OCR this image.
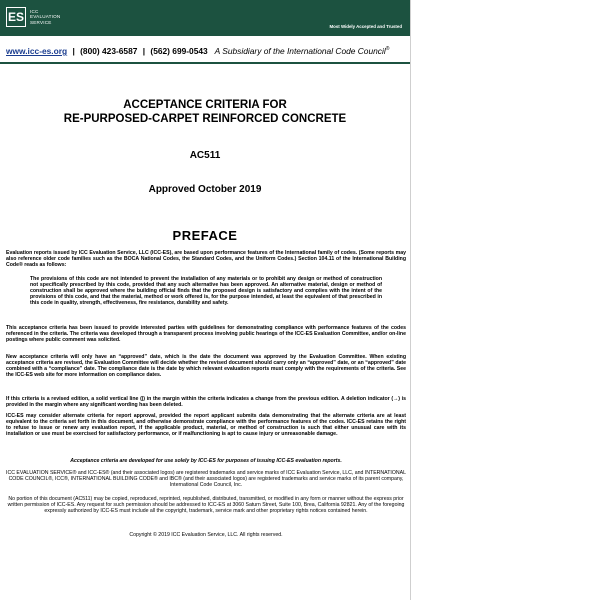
ES	ICC
EVALUATION
SERVICE
Most Widely Accepted and Trusted
www.icc-es.org | (800) 423-6587 | (562) 699-0543 A Subsidiary of the International Code Council®
ACCEPTANCE CRITERIA FOR
RE-PURPOSED-CARPET REINFORCED CONCRETE
AC511
Approved October 2019
PREFACE
Evaluation reports issued by ICC Evaluation Service, LLC (ICC-ES), are based upon performance features of the International family of codes. (Some reports may also reference older code families such as the BOCA National Codes, the Standard Codes, and the Uniform Codes.) Section 104.11 of the International Building Code® reads as follows:
The provisions of this code are not intended to prevent the installation of any materials or to prohibit any design or method of construction not specifically prescribed by this code, provided that any such alternative has been approved. An alternative material, design or method of construction shall be approved where the building official finds that the proposed design is satisfactory and complies with the intent of the provisions of this code, and that the material, method or work offered is, for the purpose intended, at least the equivalent of that prescribed in this code in quality, strength, effectiveness, fire resistance, durability and safety.
This acceptance criteria has been issued to provide interested parties with guidelines for demonstrating compliance with performance features of the codes referenced in the criteria. The criteria was developed through a transparent process involving public hearings of the ICC-ES Evaluation Committee, and/or on-line postings where public comment was solicited.
New acceptance criteria will only have an “approved” date, which is the date the document was approved by the Evaluation Committee. When existing acceptance criteria are revised, the Evaluation Committee will decide whether the revised document should carry only an “approved” date, or an “approved” date combined with a “compliance” date. The compliance date is the date by which relevant evaluation reports must comply with the requirements of the criteria. See the ICC-ES web site for more information on compliance dates.
If this criteria is a revised edition, a solid vertical line (|) in the margin within the criteria indicates a change from the previous edition. A deletion indicator (→) is provided in the margin where any significant wording has been deleted.
ICC-ES may consider alternate criteria for report approval, provided the report applicant submits data demonstrating that the alternate criteria are at least equivalent to the criteria set forth in this document, and otherwise demonstrate compliance with the performance features of the codes. ICC-ES retains the right to refuse to issue or renew any evaluation report, if the applicable product, material, or method of construction is such that either unusual care with its installation or use must be exercised for satisfactory performance, or if malfunctioning is apt to cause injury or unreasonable damage.
Acceptance criteria are developed for use solely by ICC-ES for purposes of issuing ICC-ES evaluation reports.
ICC EVALUATION SERVICE® and ICC-ES® (and their associated logos) are registered trademarks and service marks of ICC Evaluation Service, LLC, and INTERNATIONAL CODE COUNCIL®, ICC®, INTERNATIONAL BUILDING CODE® and IBC® (and their associated logos) are registered trademarks and service marks of its parent company, International Code Council, Inc.
No portion of this document (AC511) may be copied, reproduced, reprinted, republished, distributed, transmitted, or modified in any form or manner without the express prior written permission of ICC-ES. Any request for such permission should be addressed to ICC-ES at 3060 Saturn Street, Suite 100, Brea, California 92821. Any of the foregoing expressly authorized by ICC-ES must include all the copyright, trademark, service mark and other proprietary rights notices contained herein.
Copyright © 2019 ICC Evaluation Service, LLC. All rights reserved.
